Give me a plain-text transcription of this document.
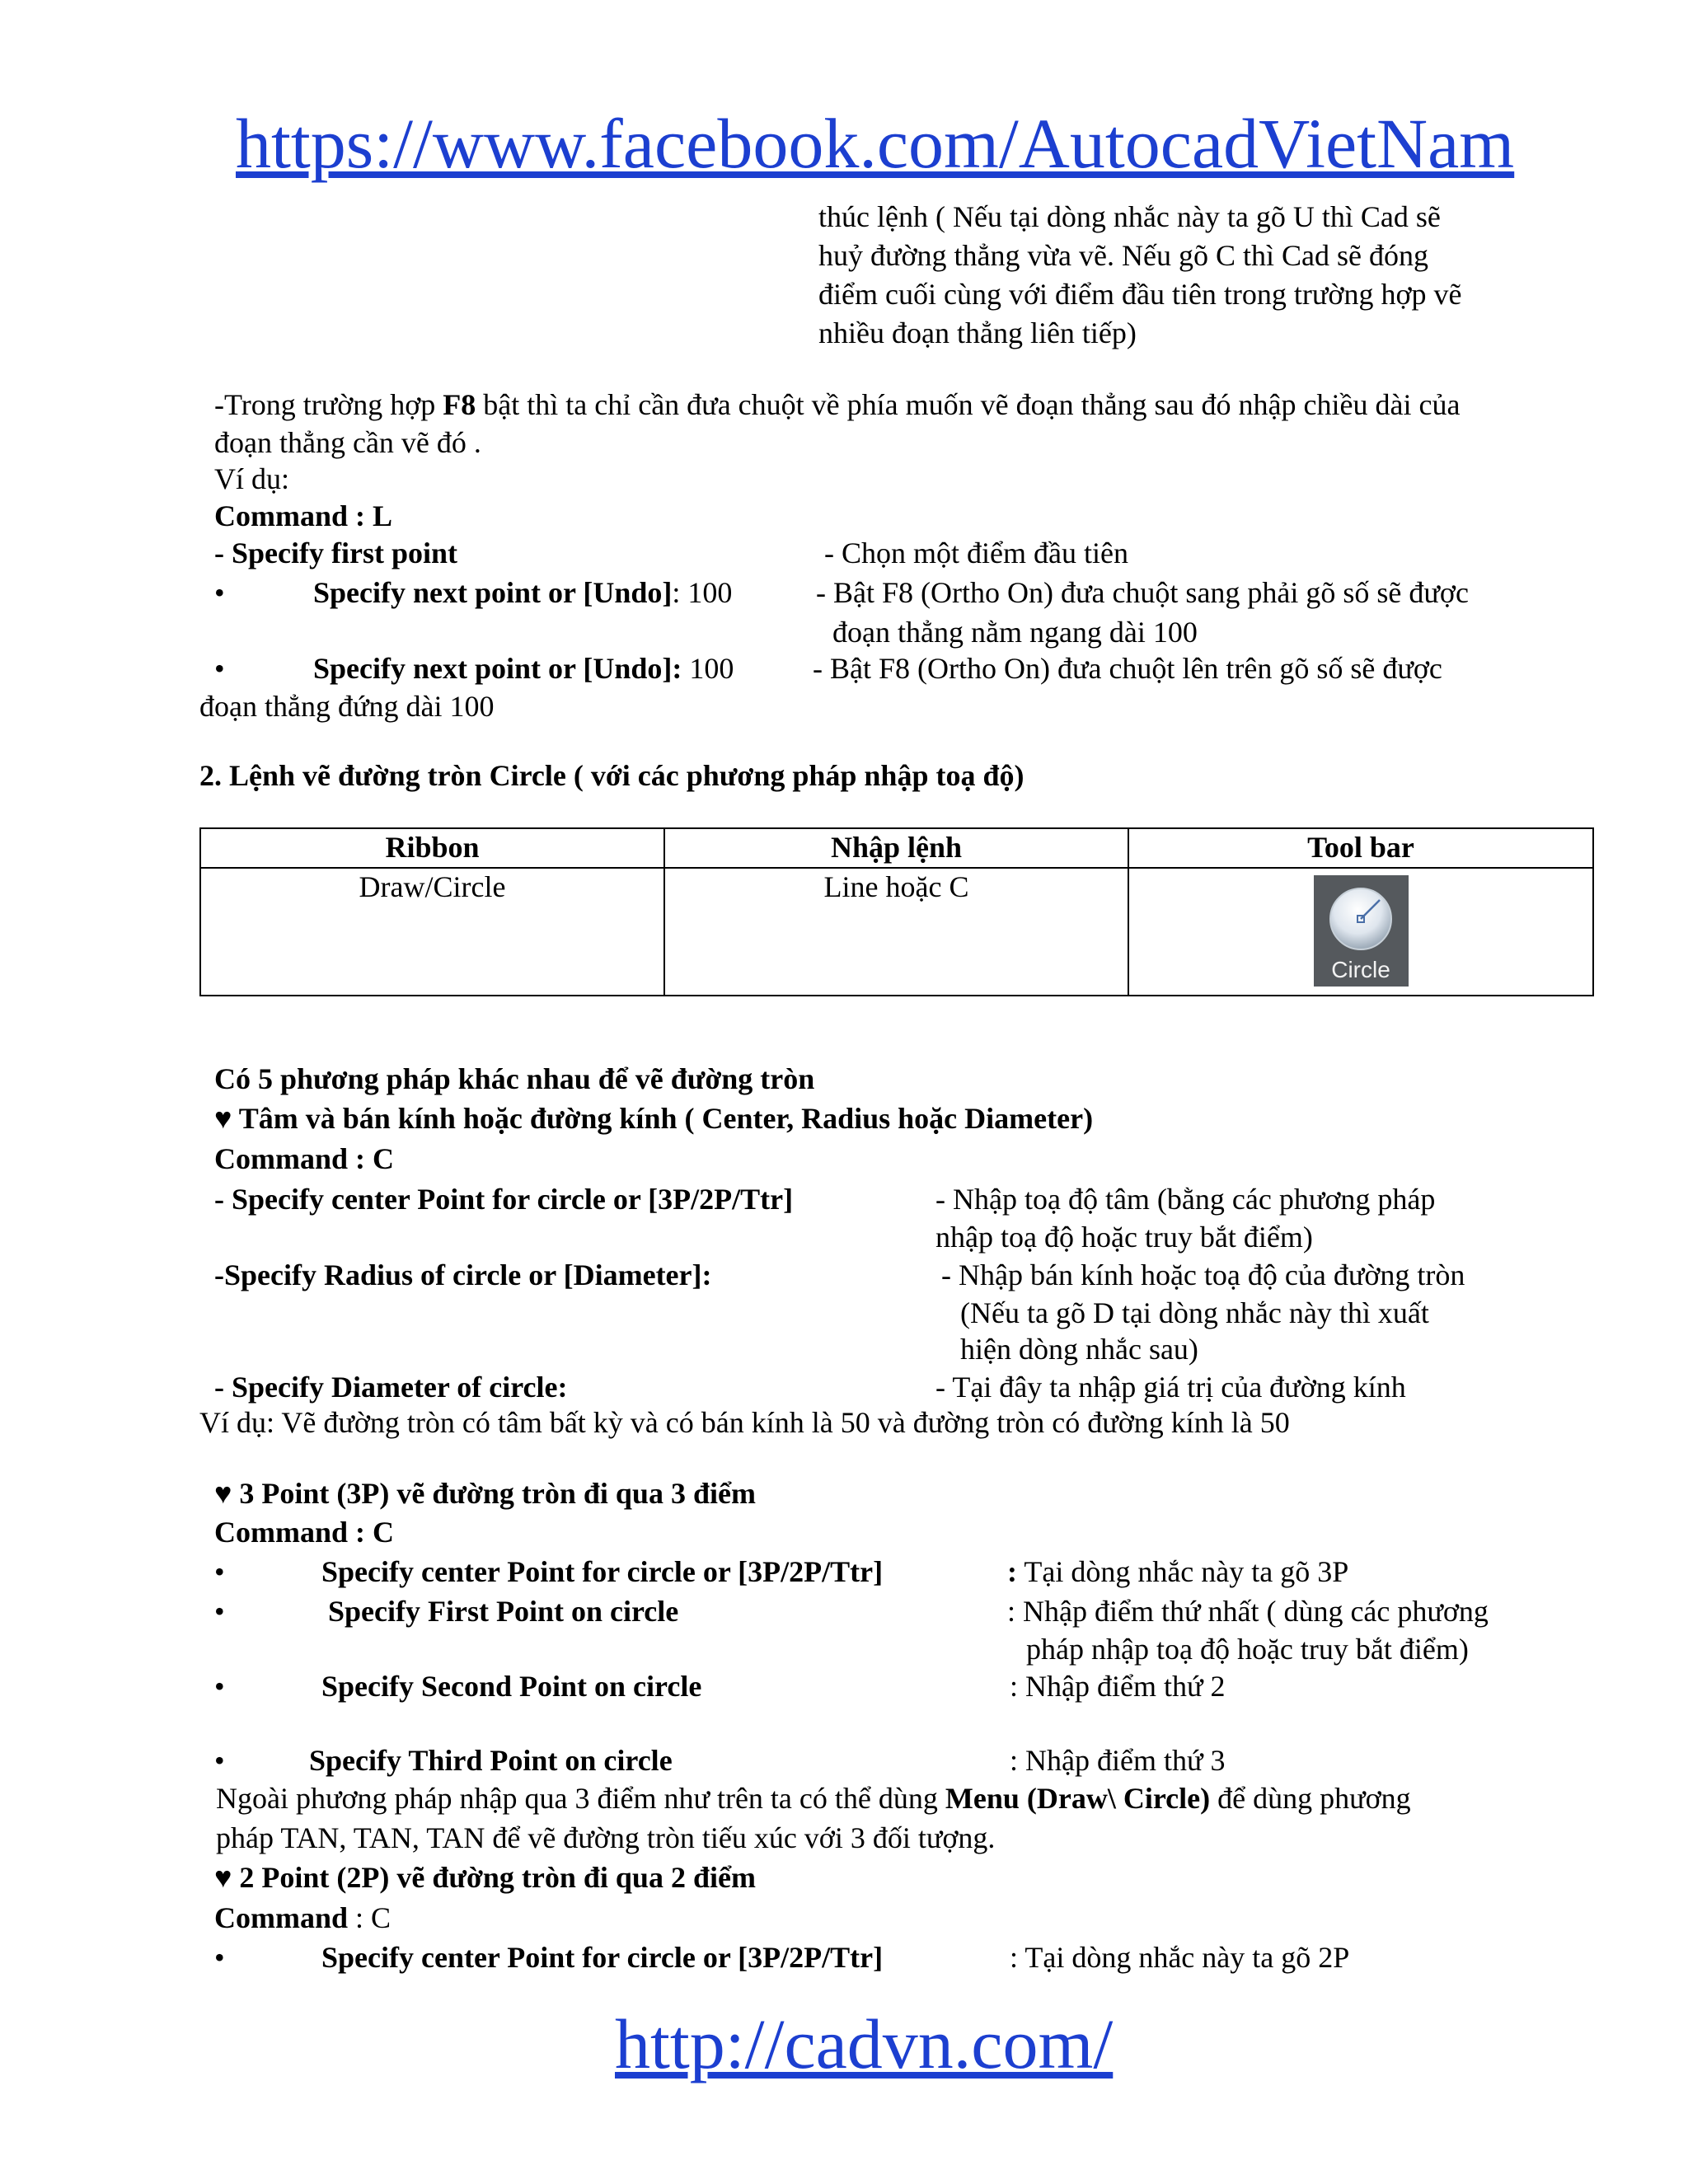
https://www.facebook.com/AutocadVietNam
thúc lệnh ( Nếu tại dòng nhắc này ta gõ U thì Cad sẽ
huỷ đường thẳng vừa vẽ. Nếu gõ C thì Cad sẽ đóng
điểm cuối cùng với điểm đầu tiên trong trường hợp vẽ
nhiều đoạn thẳng liên tiếp)
-Trong trường hợp F8 bật thì ta chỉ cần đưa chuột về phía muốn vẽ đoạn thẳng sau đó nhập chiều dài của
đoạn thẳng cần vẽ đó .
Ví dụ:
Command : L
- Specify first point	- Chọn một điểm đầu tiên
•	Specify next point or [Undo]: 100	- Bật F8 (Ortho On) đưa chuột sang phải gõ số sẽ được
đoạn thẳng nằm ngang dài 100
•	Specify next point or [Undo]: 100	- Bật F8 (Ortho On) đưa chuột lên trên gõ số sẽ được
đoạn thẳng đứng dài 100
2. Lệnh vẽ đường tròn Circle ( với các phương pháp nhập toạ độ)
Ribbon	Nhập lệnh	Tool bar
Draw/Circle	Line hoặc C	Circle
Có 5 phương pháp khác nhau để vẽ đường tròn
♥ Tâm và bán kính hoặc đường kính ( Center, Radius hoặc Diameter)
Command : C
- Specify center Point for circle or [3P/2P/Ttr]	- Nhập toạ độ tâm (bằng các phương pháp
nhập toạ độ hoặc truy bắt điểm)
-Specify Radius of circle or [Diameter]:	- Nhập bán kính hoặc toạ độ của đường tròn
(Nếu ta gõ D tại dòng nhắc này thì xuất
hiện dòng nhắc sau)
- Specify Diameter of circle:	- Tại đây ta nhập giá trị của đường kính
Ví dụ: Vẽ đường tròn có tâm bất kỳ và có bán kính là 50 và đường tròn có đường kính là 50
♥ 3 Point (3P) vẽ đường tròn đi qua 3 điểm
Command : C
•	Specify center Point for circle or [3P/2P/Ttr]	: Tại dòng nhắc này ta gõ 3P
•	Specify First Point on circle	: Nhập điểm thứ nhất ( dùng các phương
pháp nhập toạ độ hoặc truy bắt điểm)
•	Specify Second Point on circle	: Nhập điểm thứ 2
•	Specify Third Point on circle	: Nhập điểm thứ 3
Ngoài phương pháp nhập qua 3 điểm như trên ta có thể dùng Menu (Draw\ Circle) để dùng phương
pháp TAN, TAN, TAN để vẽ đường tròn tiếu xúc với 3 đối tượng.
♥ 2 Point (2P) vẽ đường tròn đi qua 2 điểm
Command : C
•	Specify center Point for circle or [3P/2P/Ttr]	: Tại dòng nhắc này ta gõ 2P
http://cadvn.com/
